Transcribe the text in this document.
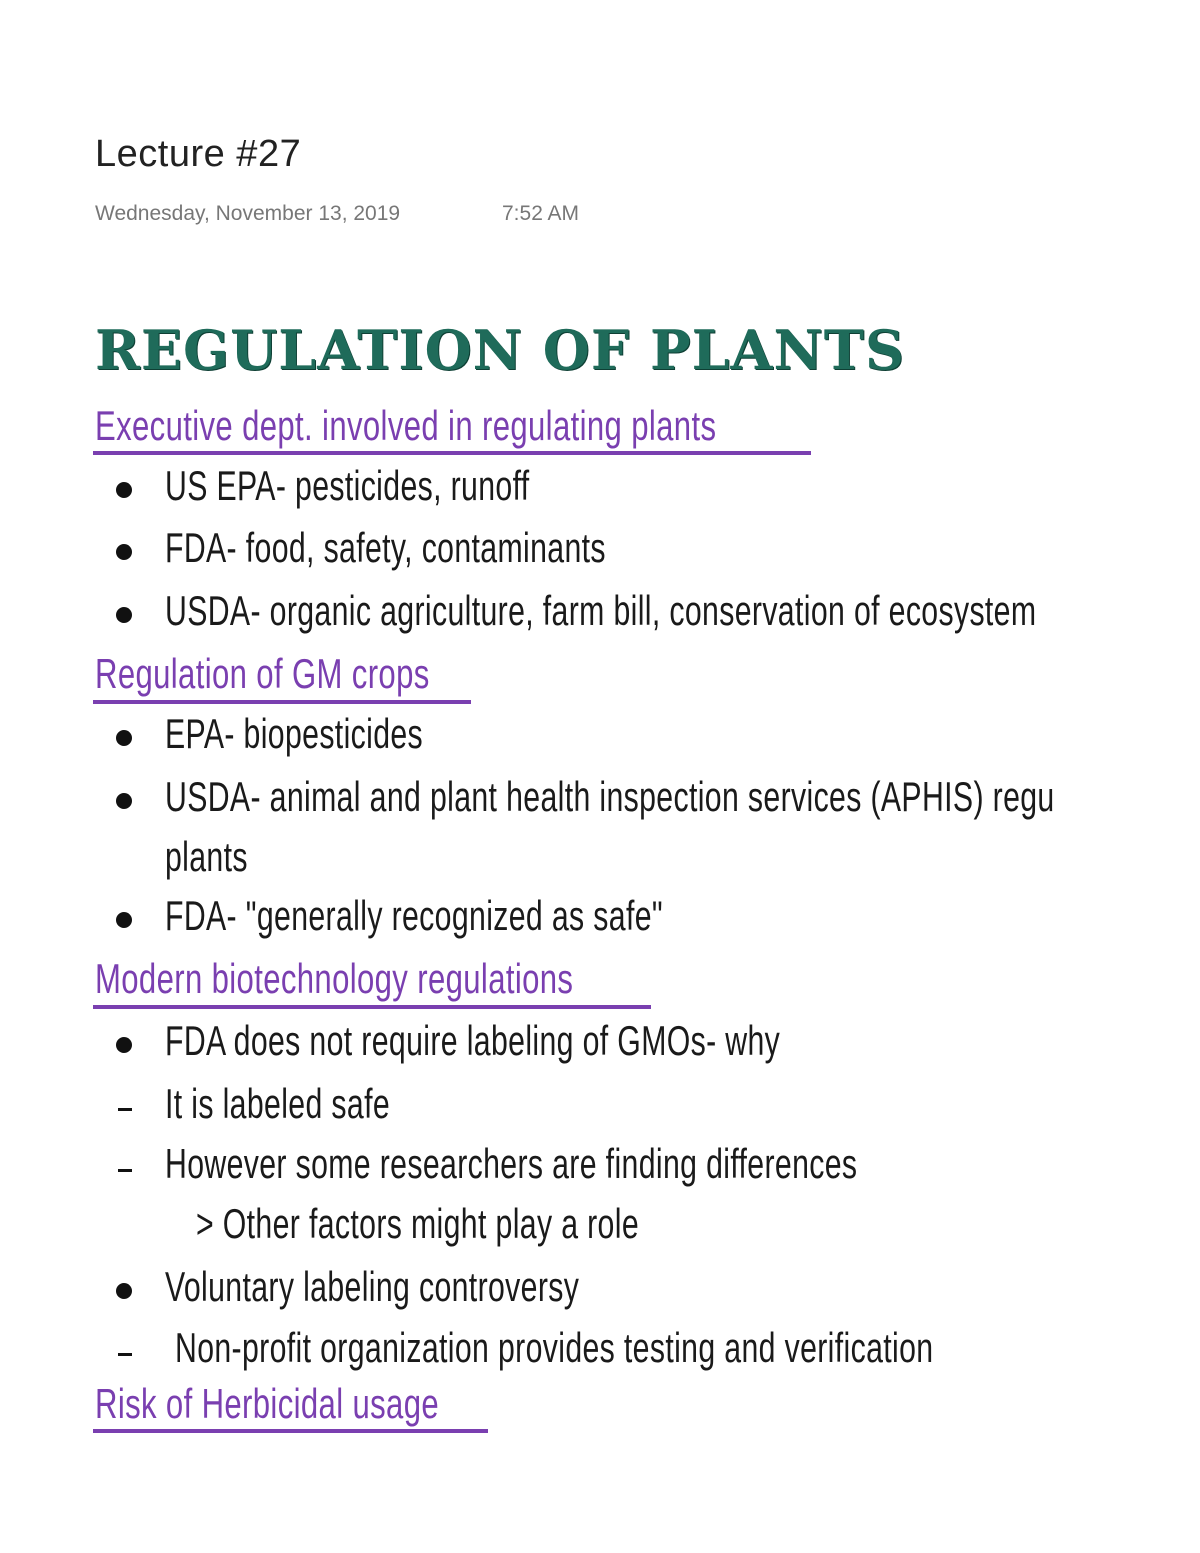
Lecture #27
Wednesday, November 13, 2019	7:52 AM
REGULATION OF PLANTS
Executive dept. involved in regulating plants
US EPA- pesticides, runoff
FDA- food, safety, contaminants
USDA- organic agriculture, farm bill, conservation of ecosystem
Regulation of GM crops
EPA- biopesticides
USDA- animal and plant health inspection services (APHIS) regu
plants
FDA- "generally recognized as safe"
Modern biotechnology regulations
FDA does not require labeling of GMOs- why
It is labeled safe
However some researchers are finding differences
> Other factors might play a role
Voluntary labeling controversy
Non-profit organization provides testing and verification
Risk of Herbicidal usage
